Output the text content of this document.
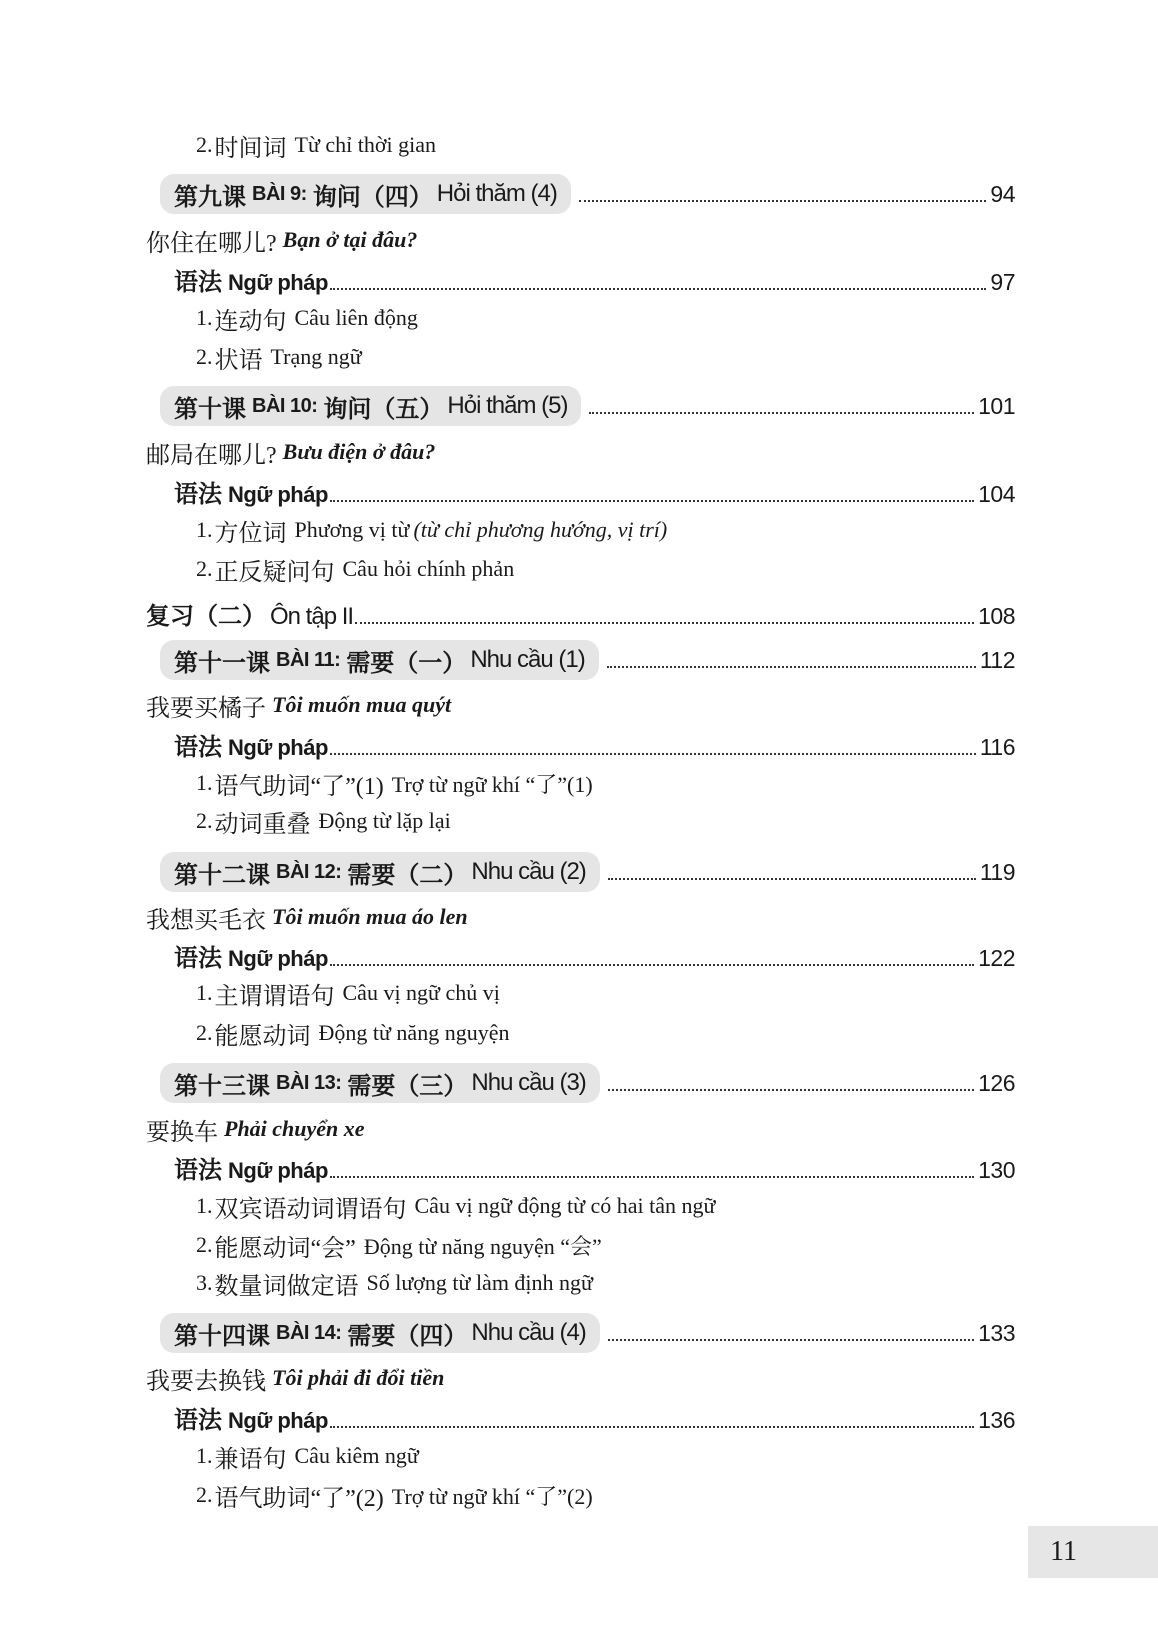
2. 时间词 Từ chỉ thời gian
第九课 BÀI 9: 询问（四） Hỏi thăm (4)	94
你住在哪儿? Bạn ở tại đâu?
语法 Ngữ pháp	97
1. 连动句 Câu liên động
2. 状语 Trạng ngữ
第十课 BÀI 10: 询问（五） Hỏi thăm (5)	101
邮局在哪儿? Bưu điện ở đâu?
语法 Ngữ pháp	104
1. 方位词 Phương vị từ (từ chỉ phương hướng, vị trí)
2. 正反疑问句 Câu hỏi chính phản
复习（二） Ôn tập II	108
第十一课 BÀI 11: 需要（一） Nhu cầu (1)	112
我要买橘子 Tôi muốn mua quýt
语法 Ngữ pháp	116
1. 语气助词“了”(1) Trợ từ ngữ khí “了”(1)
2. 动词重叠 Động từ lặp lại
第十二课 BÀI 12: 需要（二） Nhu cầu (2)	119
我想买毛衣 Tôi muốn mua áo len
语法 Ngữ pháp	122
1. 主谓谓语句 Câu vị ngữ chủ vị
2. 能愿动词 Động từ năng nguyện
第十三课 BÀI 13: 需要（三） Nhu cầu (3)	126
要换车 Phải chuyển xe
语法 Ngữ pháp	130
1. 双宾语动词谓语句 Câu vị ngữ động từ có hai tân ngữ
2. 能愿动词“会” Động từ năng nguyện “会”
3. 数量词做定语 Số lượng từ làm định ngữ
第十四课 BÀI 14: 需要（四） Nhu cầu (4)	133
我要去换钱 Tôi phải đi đổi tiền
语法 Ngữ pháp	136
1. 兼语句 Câu kiêm ngữ
2. 语气助词“了”(2) Trợ từ ngữ khí “了”(2)
11
